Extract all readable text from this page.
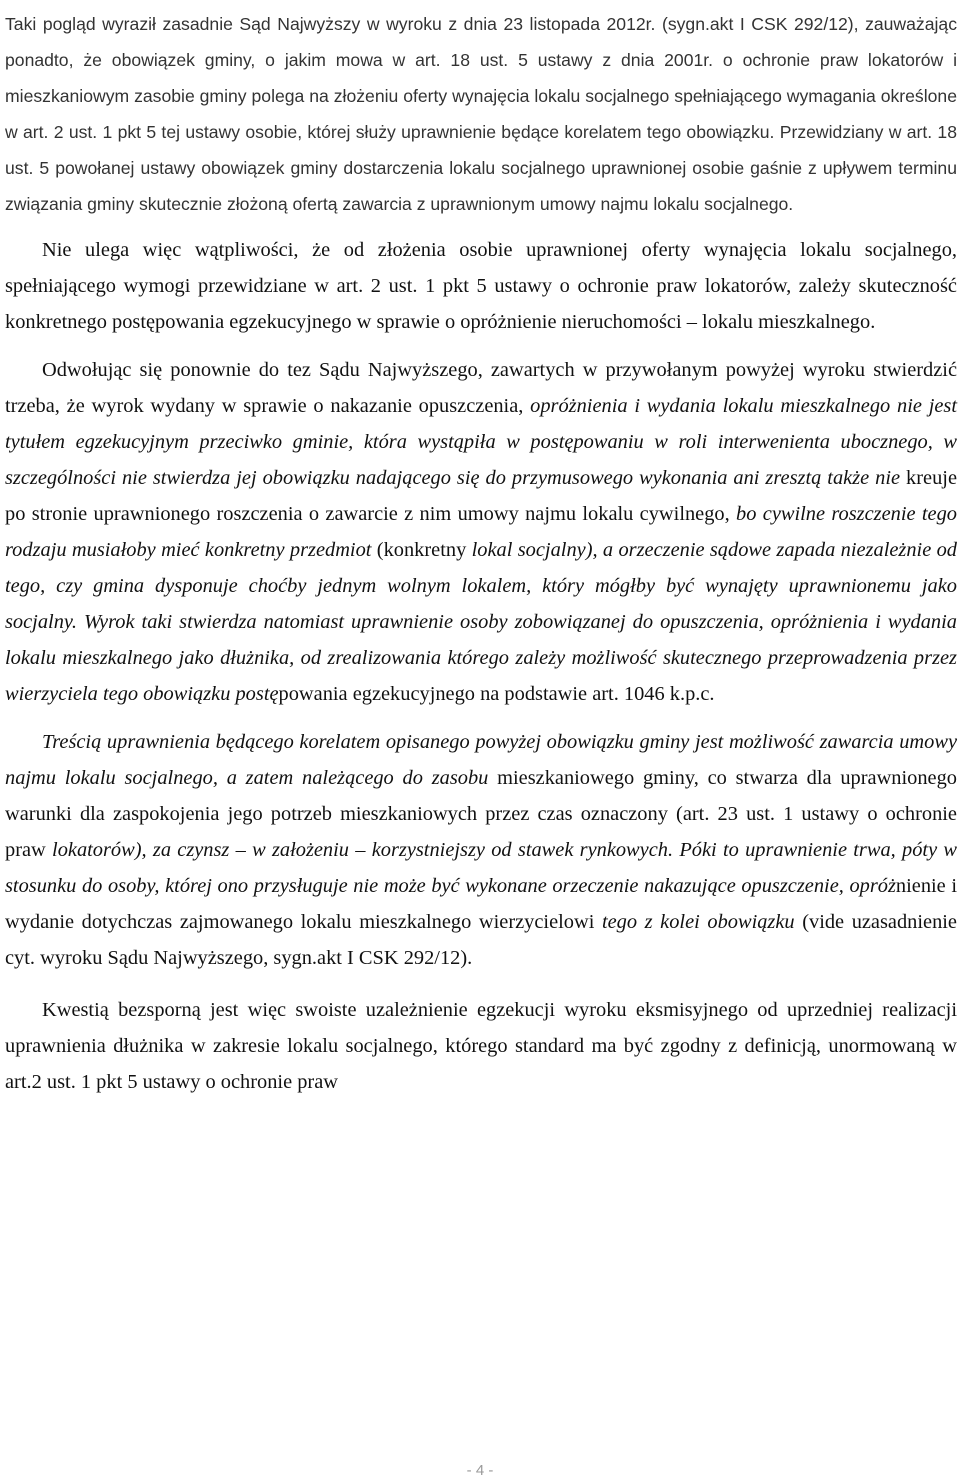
Taki pogląd wyraził zasadnie Sąd Najwyższy w wyroku z dnia 23 listopada 2012r. (sygn.akt I CSK 292/12), zauważając ponadto, że obowiązek gminy, o jakim mowa w art. 18 ust. 5 ustawy z dnia 2001r. o ochronie praw lokatorów i mieszkaniowym zasobie gminy polega na złożeniu oferty wynajęcia lokalu socjalnego spełniającego wymagania określone w art. 2 ust. 1 pkt 5 tej ustawy osobie, której służy uprawnienie będące korelatem tego obowiązku. Przewidziany w art. 18 ust. 5 powołanej ustawy obowiązek gminy dostarczenia lokalu socjalnego uprawnionej osobie gaśnie z upływem terminu związania gminy skutecznie złożoną ofertą zawarcia z uprawnionym umowy najmu lokalu socjalnego.

Nie ulega więc wątpliwości, że od złożenia osobie uprawnionej oferty wynajęcia lokalu socjalnego, spełniającego wymogi przewidziane w art. 2 ust. 1 pkt 5 ustawy o ochronie praw lokatorów, zależy skuteczność konkretnego postępowania egzekucyjnego w sprawie o opróżnienie nieruchomości – lokalu mieszkalnego.

Odwołując się ponownie do tez Sądu Najwyższego, zawartych w przywołanym powyżej wyroku stwierdzić trzeba, że wyrok wydany w sprawie o nakazanie opuszczenia, opróżnienia i wydania lokalu mieszkalnego nie jest tytułem egzekucyjnym przeciwko gminie, która wystąpiła w postępowaniu w roli interwenienta ubocznego, w szczególności nie stwierdza jej obowiązku nadającego się do przymusowego wykonania ani zresztą także nie kreuje po stronie uprawnionego roszczenia o zawarcie z nim umowy najmu lokalu cywilnego, bo cywilne roszczenie tego rodzaju musiałoby mieć konkretny przedmiot (konkretny lokal socjalny), a orzeczenie sądowe zapada niezależnie od tego, czy gmina dysponuje choćby jednym wolnym lokalem, który mógłby być wynajęty uprawnionemu jako socjalny. Wyrok taki stwierdza natomiast uprawnienie osoby zobowiązanej do opuszczenia, opróżnienia i wydania lokalu mieszkalnego jako dłużnika, od zrealizowania którego zależy możliwość skutecznego przeprowadzenia przez wierzyciela tego obowiązku postępowania egzekucyjnego na podstawie art. 1046 k.p.c.

Treścią uprawnienia będącego korelatem opisanego powyżej obowiązku gminy jest możliwość zawarcia umowy najmu lokalu socjalnego, a zatem należącego do zasobu mieszkaniowego gminy, co stwarza dla uprawnionego warunki dla zaspokojenia jego potrzeb mieszkaniowych przez czas oznaczony (art. 23 ust. 1 ustawy o ochronie praw lokatorów), za czynsz – w założeniu – korzystniejszy od stawek rynkowych. Póki to uprawnienie trwa, póty w stosunku do osoby, której ono przysługuje nie może być wykonane orzeczenie nakazujące opuszczenie, opróżnienie i wydanie dotychczas zajmowanego lokalu mieszkalnego wierzycielowi tego z kolei obowiązku (vide uzasadnienie cyt. wyroku Sądu Najwyższego, sygn.akt I CSK 292/12).

Kwestią bezsporną jest więc swoiste uzależnienie egzekucji wyroku eksmisyjnego od uprzedniej realizacji uprawnienia dłużnika w zakresie lokalu socjalnego, którego standard ma być zgodny z definicją, unormowaną w art.2 ust. 1 pkt 5 ustawy o ochronie praw

- 4 -
